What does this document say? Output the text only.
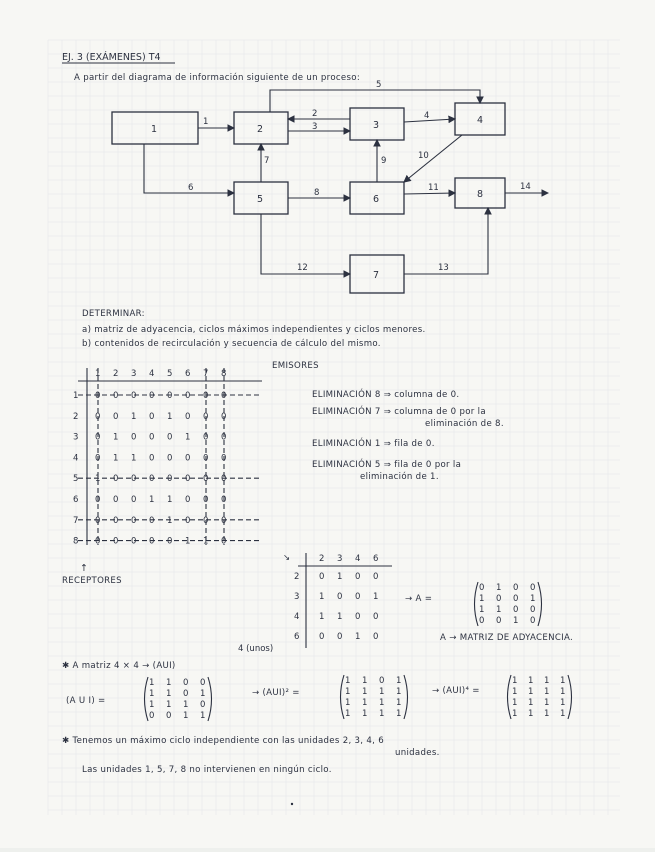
EJ. 3 (EXÁMENES) T4
A partir del diagrama de información siguiente de un proceso:
1	2	3	4
5	6
7
8
1
2
3
4
5
6
7
8
9	10
11
12	13
14
DETERMINAR:
a) matriz de adyacencia, ciclos máximos independientes y ciclos menores.
b) contenidos de recirculación y secuencia de cálculo del mismo.
1 2 3 4 5 6 7 8
1 0 0 0 0 0 0 0 0
2 0 0 1 0 1 0 0 0
3 0 1 0 0 0 1 0 0
4 0 1 1 0 0 0 0 0
5 1 0 0 0 0 0 0 0
6 0 0 0 1 1 0 0 0
7 0 0 0 0 1 0 0 0
8 0 0 0 0 0 1 1 0
EMISORES
↑
RECEPTORES
ELIMINACIÓN 8 ⇒ columna de 0.
ELIMINACIÓN 7 ⇒ columna de 0 por la
eliminación de 8.
ELIMINACIÓN 1 ⇒ fila de 0.
ELIMINACIÓN 5 ⇒ fila de 0 por la
eliminación de 1.
2 3 4 6
↘
2 0 1 0 0
3 1 0 0 1
4 1 1 0 0
6 0 0 1 0
→ A =
0 1 0 0
1 0 0 1
1 1 0 0
0 0 1 0
A → MATRIZ DE ADYACENCIA.
✱ A matriz 4 × 4 → (AUI)
4 (unos)
(A U I) =
1 1 0 0
1 1 0 1
1 1 1 0
0 0 1 1
→ (AUI)² =
1 1 0 1
1 1 1 1
1 1 1 1
1 1 1 1
→ (AUI)⁴ =
1 1 1 1
1 1 1 1
1 1 1 1
1 1 1 1
✱ Tenemos un máximo ciclo independiente con las unidades 2, 3, 4, 6
unidades.
Las unidades 1, 5, 7, 8 no intervienen en ningún ciclo.
